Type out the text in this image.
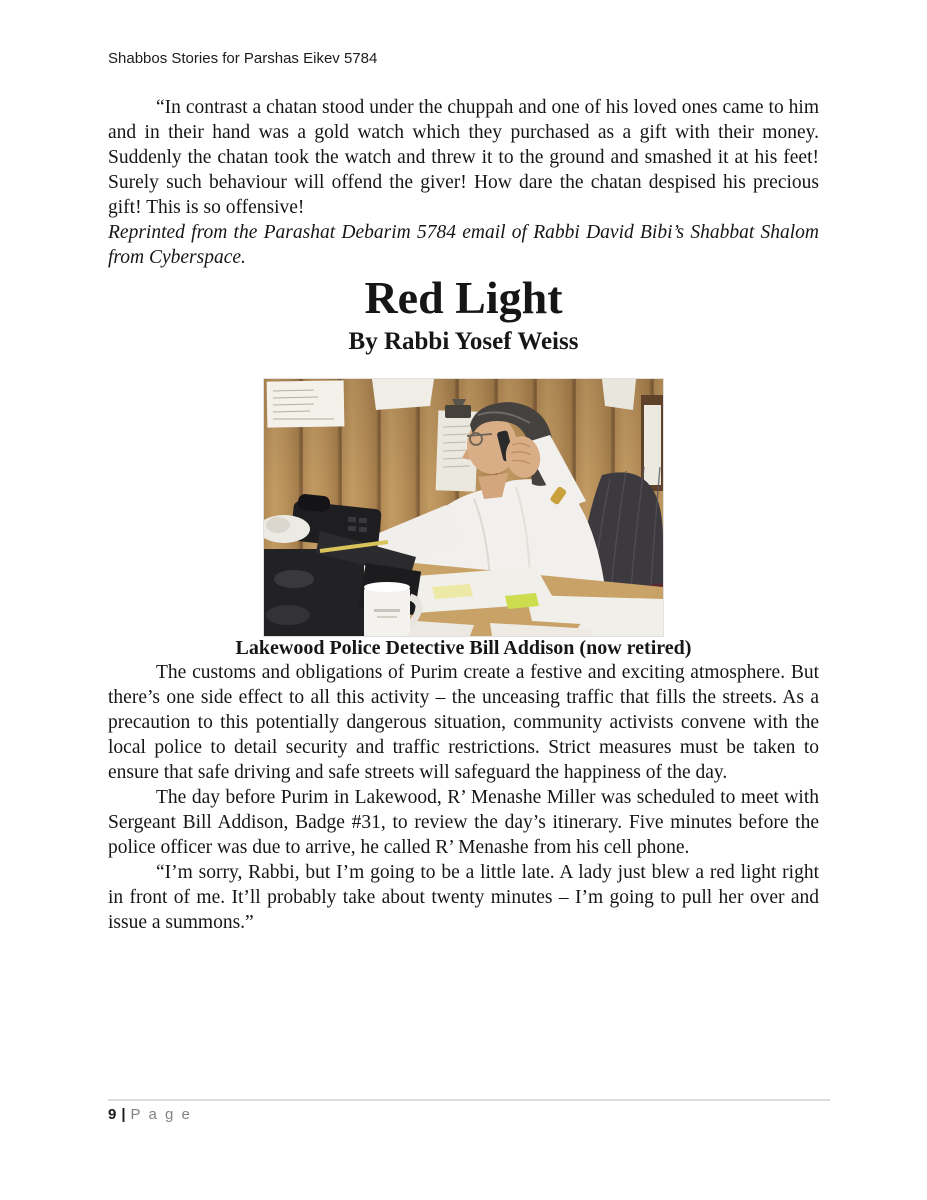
Shabbos Stories for Parshas Eikev 5784

“In contrast a chatan stood under the chuppah and one of his loved ones came to him and in their hand was a gold watch which they purchased as a gift with their money. Suddenly the chatan took the watch and threw it to the ground and smashed it at his feet! Surely such behaviour will offend the giver! How dare the chatan despised his precious gift! This is so offensive!

Reprinted from the Parashat Debarim 5784 email of Rabbi David Bibi’s Shabbat Shalom from Cyberspace.

Red Light

By Rabbi Yosef Weiss

Lakewood Police Detective Bill Addison (now retired)

The customs and obligations of Purim create a festive and exciting atmosphere. But there’s one side effect to all this activity – the unceasing traffic that fills the streets. As a precaution to this potentially dangerous situation, community activists convene with the local police to detail security and traffic restrictions. Strict measures must be taken to ensure that safe driving and safe streets will safeguard the happiness of the day.

The day before Purim in Lakewood, R’ Menashe Miller was scheduled to meet with Sergeant Bill Addison, Badge #31, to review the day’s itinerary. Five minutes before the police officer was due to arrive, he called R’ Menashe from his cell phone.

“I’m sorry, Rabbi, but I’m going to be a little late. A lady just blew a red light right in front of me. It’ll probably take about twenty minutes – I’m going to pull her over and issue a summons.”

9 | P a g e
